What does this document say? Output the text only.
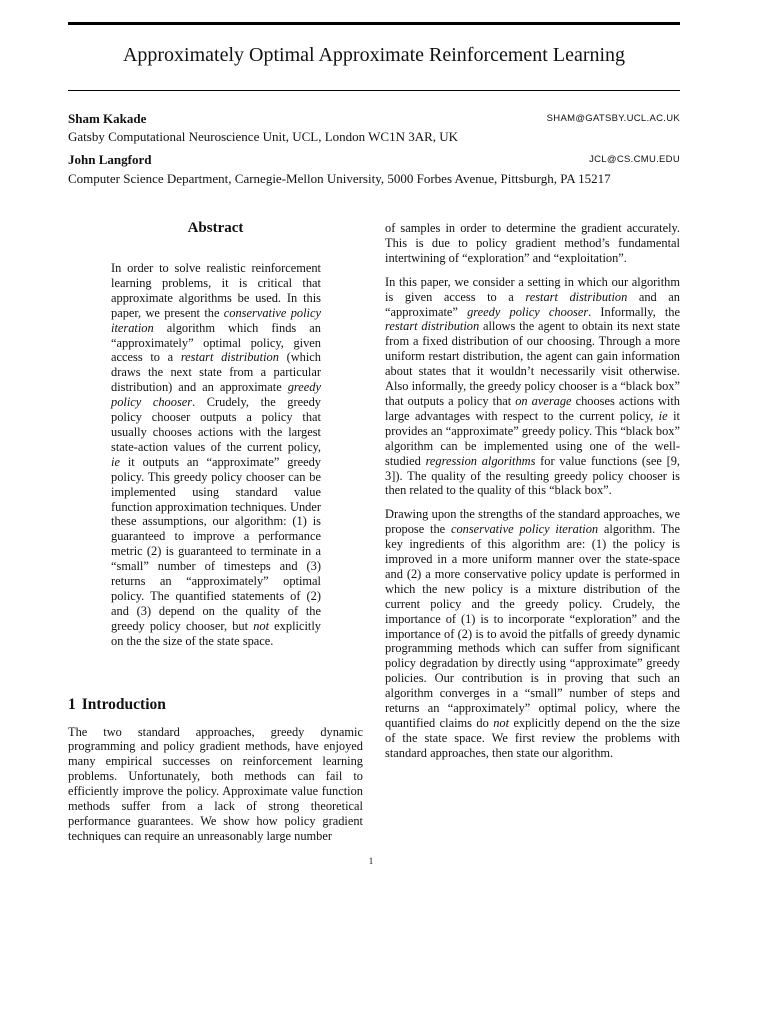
Approximately Optimal Approximate Reinforcement Learning
Sham Kakade	SHAM@GATSBY.UCL.AC.UK
Gatsby Computational Neuroscience Unit, UCL, London WC1N 3AR, UK
John Langford	JCL@CS.CMU.EDU
Computer Science Department, Carnegie-Mellon University, 5000 Forbes Avenue, Pittsburgh, PA 15217
Abstract

In order to solve realistic reinforcement learning problems, it is critical that approximate algorithms be used. In this paper, we present the conservative policy iteration algorithm which finds an “approximately” optimal policy, given access to a restart distribution (which draws the next state from a particular distribution) and an approximate greedy policy chooser. Crudely, the greedy policy chooser outputs a policy that usually chooses actions with the largest state-action values of the current policy, ie it outputs an “approximate” greedy policy. This greedy policy chooser can be implemented using standard value function approximation techniques. Under these assumptions, our algorithm: (1) is guaranteed to improve a performance metric (2) is guaranteed to terminate in a “small” number of timesteps and (3) returns an “approximately” optimal policy. The quantified statements of (2) and (3) depend on the quality of the greedy policy chooser, but not explicitly on the the size of the state space.

1 Introduction

The two standard approaches, greedy dynamic programming and policy gradient methods, have enjoyed many empirical successes on reinforcement learning problems. Unfortunately, both methods can fail to efficiently improve the policy. Approximate value function methods suffer from a lack of strong theoretical performance guarantees. We show how policy gradient techniques can require an unreasonably large number

of samples in order to determine the gradient accurately. This is due to policy gradient method’s fundamental intertwining of “exploration” and “exploitation”.

In this paper, we consider a setting in which our algorithm is given access to a restart distribution and an “approximate” greedy policy chooser. Informally, the restart distribution allows the agent to obtain its next state from a fixed distribution of our choosing. Through a more uniform restart distribution, the agent can gain information about states that it wouldn’t necessarily visit otherwise. Also informally, the greedy policy chooser is a “black box” that outputs a policy that on average chooses actions with large advantages with respect to the current policy, ie it provides an “approximate” greedy policy. This “black box” algorithm can be implemented using one of the well-studied regression algorithms for value functions (see [9, 3]). The quality of the resulting greedy policy chooser is then related to the quality of this “black box”.

Drawing upon the strengths of the standard approaches, we propose the conservative policy iteration algorithm. The key ingredients of this algorithm are: (1) the policy is improved in a more uniform manner over the state-space and (2) a more conservative policy update is performed in which the new policy is a mixture distribution of the current policy and the greedy policy. Crudely, the importance of (1) is to incorporate “exploration” and the importance of (2) is to avoid the pitfalls of greedy dynamic programming methods which can suffer from significant policy degradation by directly using “approximate” greedy policies. Our contribution is in proving that such an algorithm converges in a “small” number of steps and returns an “approximately” optimal policy, where the quantified claims do not explicitly depend on the the size of the state space. We first review the problems with standard approaches, then state our algorithm.

1
